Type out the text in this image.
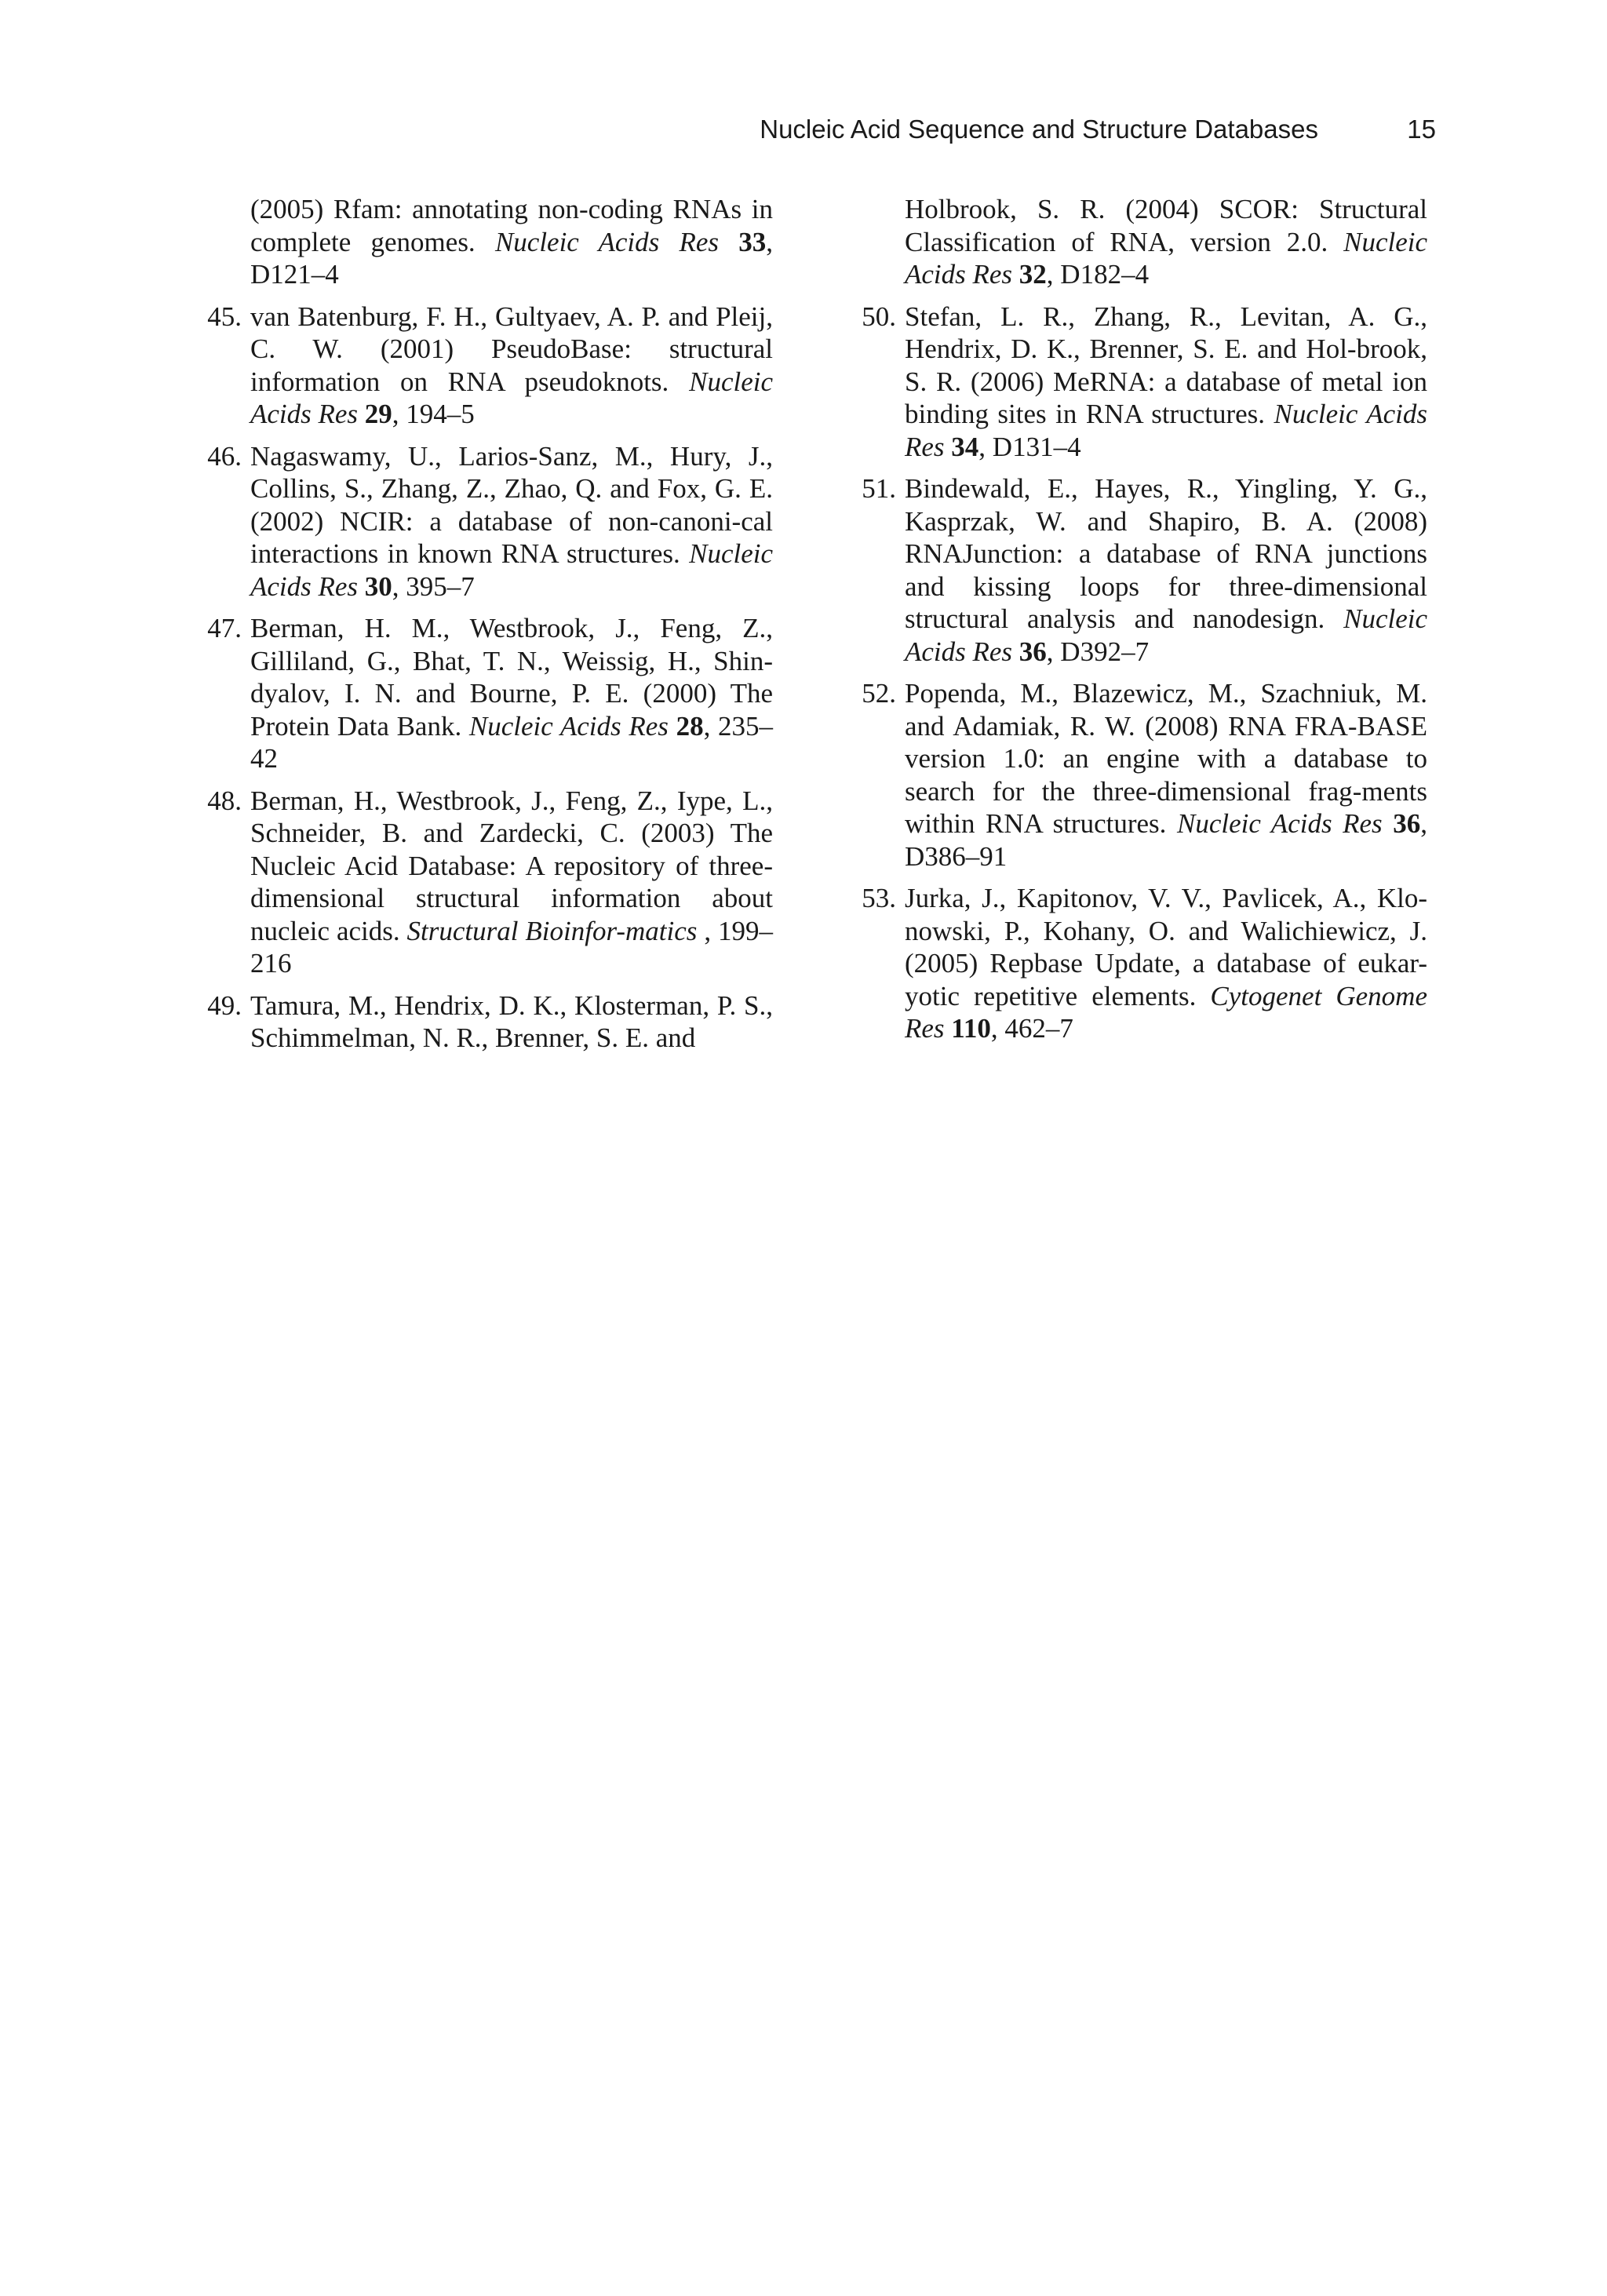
Nucleic Acid Sequence and Structure Databases	15
(2005) Rfam: annotating non-coding RNAs in complete genomes. Nucleic Acids Res 33, D121–4
45. van Batenburg, F. H., Gultyaev, A. P. and Pleij, C. W. (2001) PseudoBase: structural information on RNA pseudoknots. Nucleic Acids Res 29, 194–5
46. Nagaswamy, U., Larios-Sanz, M., Hury, J., Collins, S., Zhang, Z., Zhao, Q. and Fox, G. E. (2002) NCIR: a database of non-canoni-cal interactions in known RNA structures. Nucleic Acids Res 30, 395–7
47. Berman, H. M., Westbrook, J., Feng, Z., Gilliland, G., Bhat, T. N., Weissig, H., Shin-dyalov, I. N. and Bourne, P. E. (2000) The Protein Data Bank. Nucleic Acids Res 28, 235–42
48. Berman, H., Westbrook, J., Feng, Z., Iype, L., Schneider, B. and Zardecki, C. (2003) The Nucleic Acid Database: A repository of three-dimensional structural information about nucleic acids. Structural Bioinfor-matics , 199–216
49. Tamura, M., Hendrix, D. K., Klosterman, P. S., Schimmelman, N. R., Brenner, S. E. and
Holbrook, S. R. (2004) SCOR: Structural Classification of RNA, version 2.0. Nucleic Acids Res 32, D182–4
50. Stefan, L. R., Zhang, R., Levitan, A. G., Hendrix, D. K., Brenner, S. E. and Hol-brook, S. R. (2006) MeRNA: a database of metal ion binding sites in RNA structures. Nucleic Acids Res 34, D131–4
51. Bindewald, E., Hayes, R., Yingling, Y. G., Kasprzak, W. and Shapiro, B. A. (2008) RNAJunction: a database of RNA junctions and kissing loops for three-dimensional structural analysis and nanodesign. Nucleic Acids Res 36, D392–7
52. Popenda, M., Blazewicz, M., Szachniuk, M. and Adamiak, R. W. (2008) RNA FRA-BASE version 1.0: an engine with a database to search for the three-dimensional frag-ments within RNA structures. Nucleic Acids Res 36, D386–91
53. Jurka, J., Kapitonov, V. V., Pavlicek, A., Klo-nowski, P., Kohany, O. and Walichiewicz, J. (2005) Repbase Update, a database of eukar-yotic repetitive elements. Cytogenet Genome Res 110, 462–7
